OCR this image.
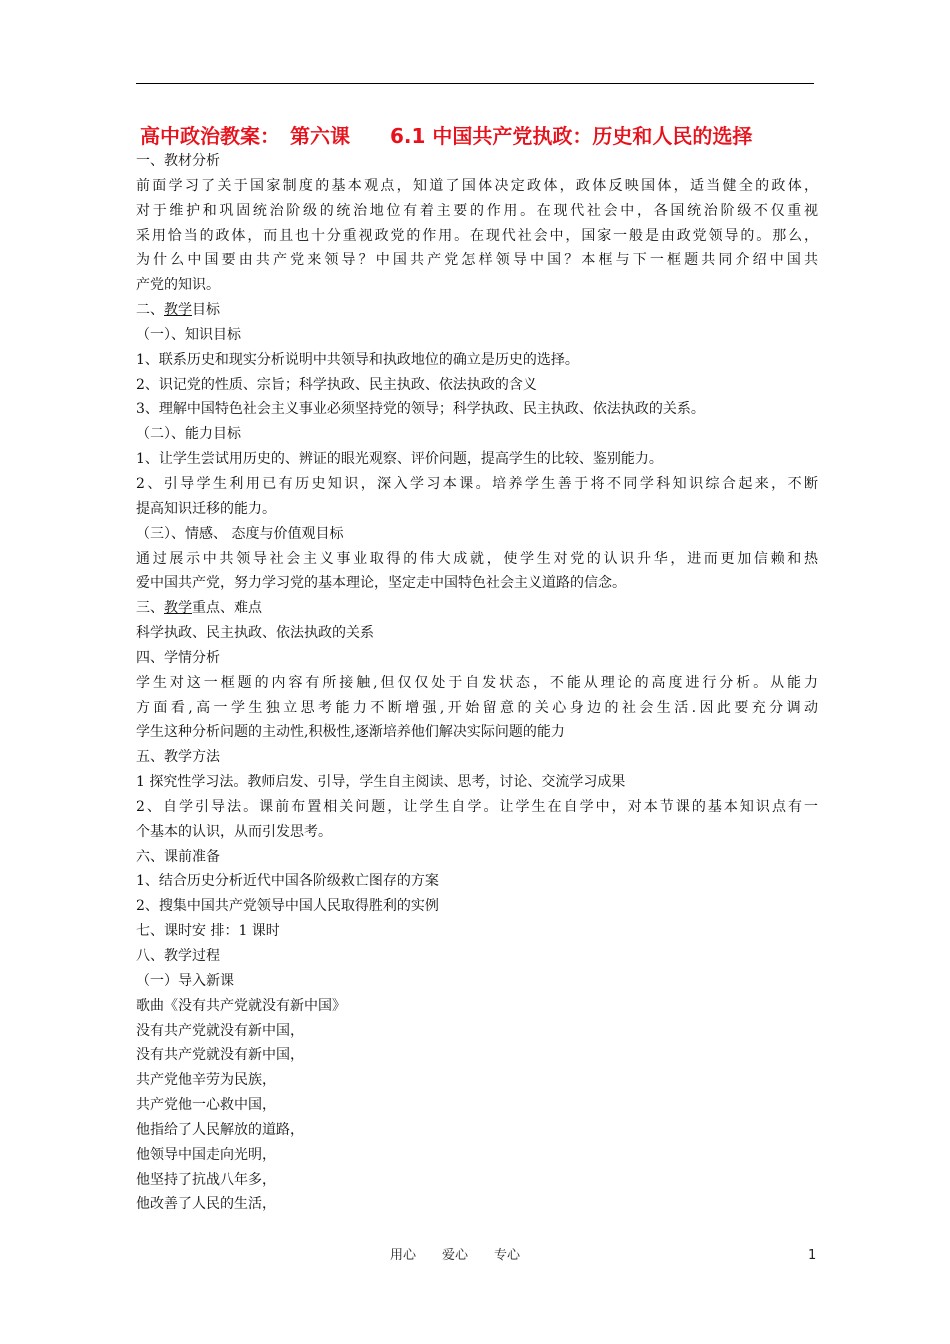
高中政治教案：　第六课　　6.1 中国共产党执政：历史和人民的选择
一、教材分析
前面学习了关于国家制度的基本观点，知道了国体决定政体，政体反映国体，适当健全的政体，
对于维护和巩固统治阶级的统治地位有着主要的作用。在现代社会中，各国统治阶级不仅重视
采用恰当的政体，而且也十分重视政党的作用。在现代社会中，国家一般是由政党领导的。那么，
为什么中国要由共产党来领导？中国共产党怎样领导中国？本框与下一框题共同介绍中国共
产党的知识。
二、教学目标
（一）、知识目标
1、联系历史和现实分析说明中共领导和执政地位的确立是历史的选择。
2、识记党的性质、宗旨；科学执政、民主执政、依法执政的含义
3、理解中国特色社会主义事业必须坚持党的领导；科学执政、民主执政、依法执政的关系。
（二）、能力目标
1、让学生尝试用历史的、辨证的眼光观察、评价问题，提高学生的比较、鉴别能力。
2、引导学生利用已有历史知识，深入学习本课。培养学生善于将不同学科知识综合起来，不断
提高知识迁移的能力。
（三）、情感、 态度与价值观目标
通过展示中共领导社会主义事业取得的伟大成就，使学生对党的认识升华，进而更加信赖和热
爱中国共产党，努力学习党的基本理论，坚定走中国特色社会主义道路的信念。
三、教学重点、难点
科学执政、民主执政、依法执政的关系
四、学情分析
学生对这一框题的内容有所接触,但仅仅处于自发状态，不能从理论的高度进行分析。从能力
方面看,高一学生独立思考能力不断增强,开始留意的关心身边的社会生活.因此要充分调动
学生这种分析问题的主动性,积极性,逐渐培养他们解决实际问题的能力
五、教学方法
1 探究性学习法。教师启发、引导，学生自主阅读、思考，讨论、交流学习成果
2、自学引导法。课前布置相关问题，让学生自学。让学生在自学中，对本节课的基本知识点有一
个基本的认识，从而引发思考。
六、课前准备
1、结合历史分析近代中国各阶级救亡图存的方案
2、搜集中国共产党领导中国人民取得胜利的实例
七、课时安 排：1 课时
八、教学过程
（一）导入新课
歌曲《没有共产党就没有新中国》
没有共产党就没有新中国，
没有共产党就没有新中国，
共产党他辛劳为民族，
共产党他一心救中国，
他指给了人民解放的道路，
他领导中国走向光明，
他坚持了抗战八年多，
他改善了人民的生活，
用心　　爱心　　专心	1
